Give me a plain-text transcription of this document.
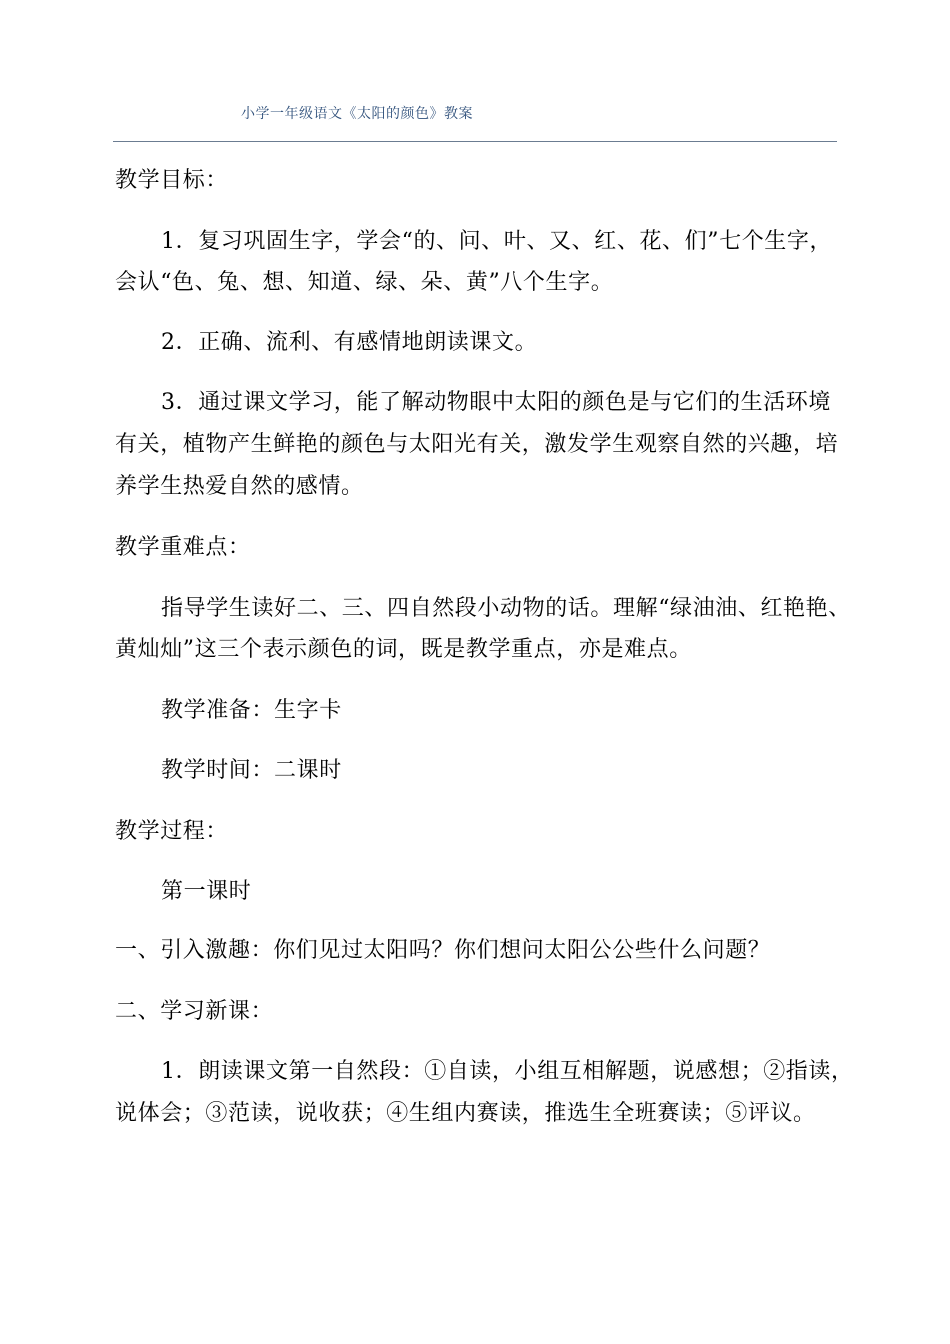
小学一年级语文《太阳的颜色》教案
教学目标：
1．复习巩固生字，学会“的、问、叶、又、红、花、们”七个生字，
会认“色、兔、想、知道、绿、朵、黄”八个生字。
2．正确、流利、有感情地朗读课文。
3．通过课文学习，能了解动物眼中太阳的颜色是与它们的生活环境
有关，植物产生鲜艳的颜色与太阳光有关，激发学生观察自然的兴趣，培
养学生热爱自然的感情。
教学重难点：
指导学生读好二、三、四自然段小动物的话。理解“绿油油、红艳艳、
黄灿灿”这三个表示颜色的词，既是教学重点，亦是难点。
教学准备：生字卡
教学时间：二课时
教学过程：
第一课时
一、引入激趣：你们见过太阳吗？你们想问太阳公公些什么问题？
二、学习新课：
1．朗读课文第一自然段：①自读，小组互相解题，说感想；②指读，
说体会；③范读，说收获；④生组内赛读，推选生全班赛读；⑤评议。
